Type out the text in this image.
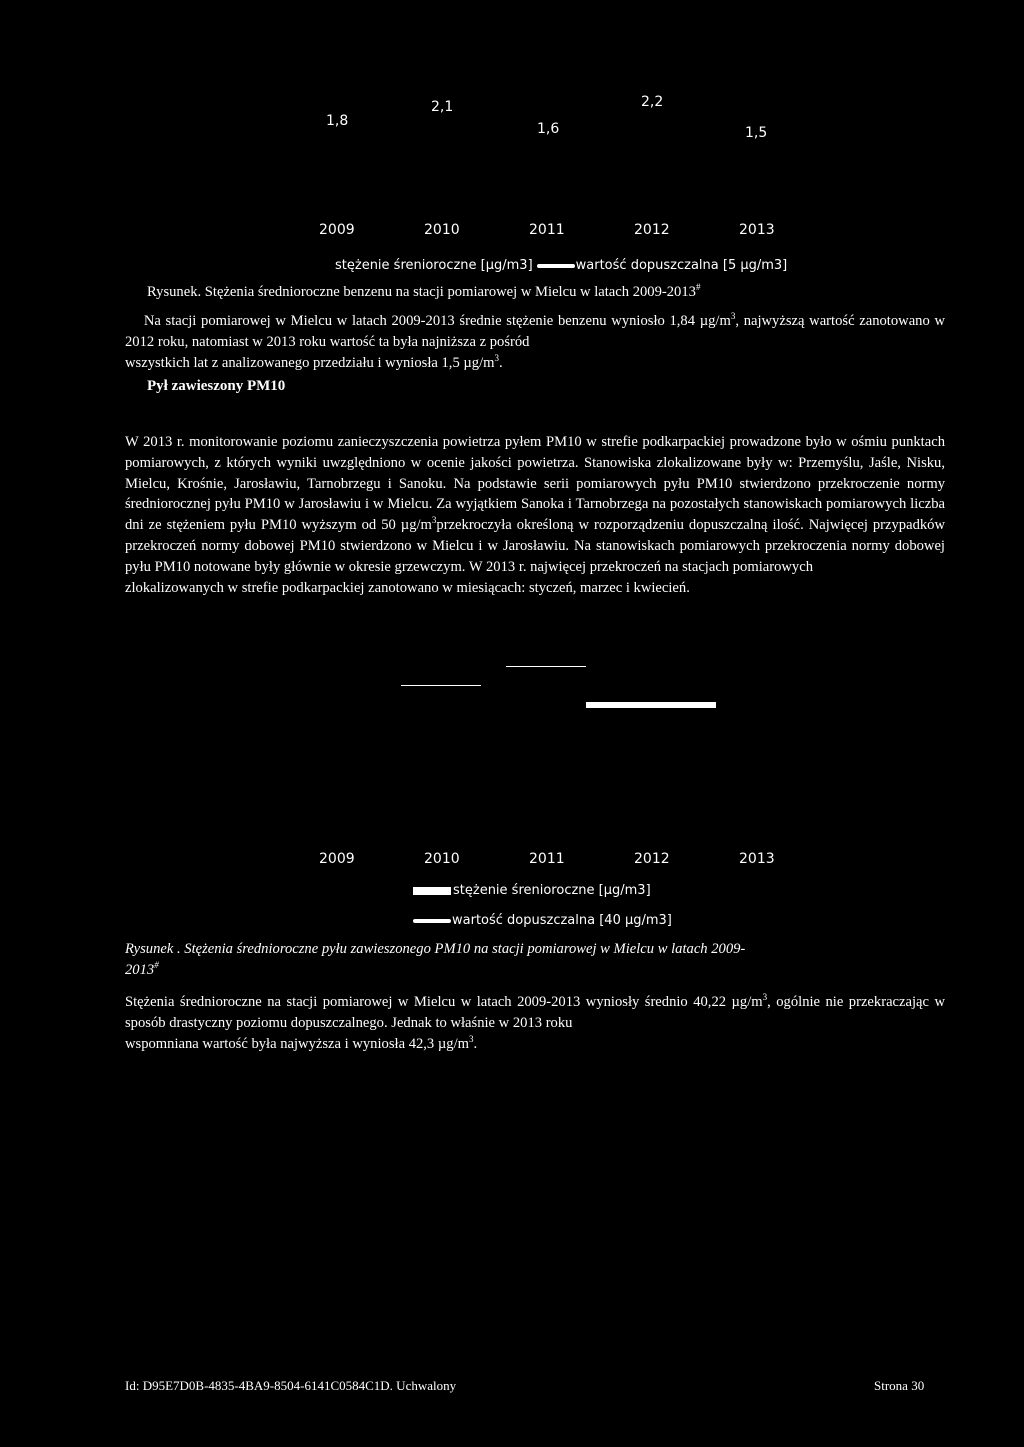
1,8
2,1
1,6
2,2
1,5
2009	2010	2011	2012	2013
stężenie śrenioroczne [µg/m3]	wartość dopuszczalna [5 µg/m3]
Rysunek. Stężenia średnioroczne benzenu na stacji pomiarowej w Mielcu w latach 2009-2013#

Na stacji pomiarowej w Mielcu w latach 2009-2013 średnie stężenie benzenu wyniosło 1,84 $\mu g/m^3$, najwyższą wartość zanotowano w 2012 roku, natomiast w 2013 roku wartość ta była najniższa z pośród
wszystkich lat z analizowanego przedziału i wyniosła 1,5 $\mu g/m^3$.

Pył zawieszony PM10

W 2013 r. monitorowanie poziomu zanieczyszczenia powietrza pyłem PM10 w strefie podkarpackiej prowadzone było w ośmiu punktach pomiarowych, z których wyniki uwzględniono w ocenie jakości powietrza. Stanowiska zlokalizowane były w: Przemyślu, Jaśle, Nisku, Mielcu, Krośnie, Jarosławiu, Tarnobrzegu i Sanoku. Na podstawie serii pomiarowych pyłu PM10 stwierdzono przekroczenie normy średniorocznej pyłu PM10 w Jarosławiu i w Mielcu. Za wyjątkiem Sanoka i Tarnobrzega na pozostałych stanowiskach pomiarowych liczba dni ze stężeniem pyłu PM10 wyższym od 50 $\mu g/m^3przekroczyła$ określoną w rozporządzeniu dopuszczalną ilość. Najwięcej przypadków przekroczeń normy dobowej PM10 stwierdzono w Mielcu i w Jarosławiu. Na stanowiskach pomiarowych przekroczenia normy dobowej pyłu PM10 notowane były głównie w okresie grzewczym. W 2013 r. najwięcej przekroczeń na stacjach pomiarowych
zlokalizowanych w strefie podkarpackiej zanotowano w miesiącach: styczeń, marzec i kwiecień.

2009	2010	2011	2012	2013
stężenie śrenioroczne [µg/m3]
wartość dopuszczalna [40 µg/m3]
Rysunek . Stężenia średnioroczne pyłu zawieszonego PM10 na stacji pomiarowej w Mielcu w latach 2009-
2013#

Stężenia średnioroczne na stacji pomiarowej w Mielcu w latach 2009-2013 wyniosły średnio 40,22 $\mu g/m^3$, ogólnie nie przekraczając w sposób drastyczny poziomu dopuszczalnego. Jednak to właśnie w 2013 roku
wspomniana wartość była najwyższa i wyniosła 42,3 $\mu g/m^3$.

Id: D95E7D0B-4835-4BA9-8504-6141C0584C1D. Uchwalony	Strona 30
